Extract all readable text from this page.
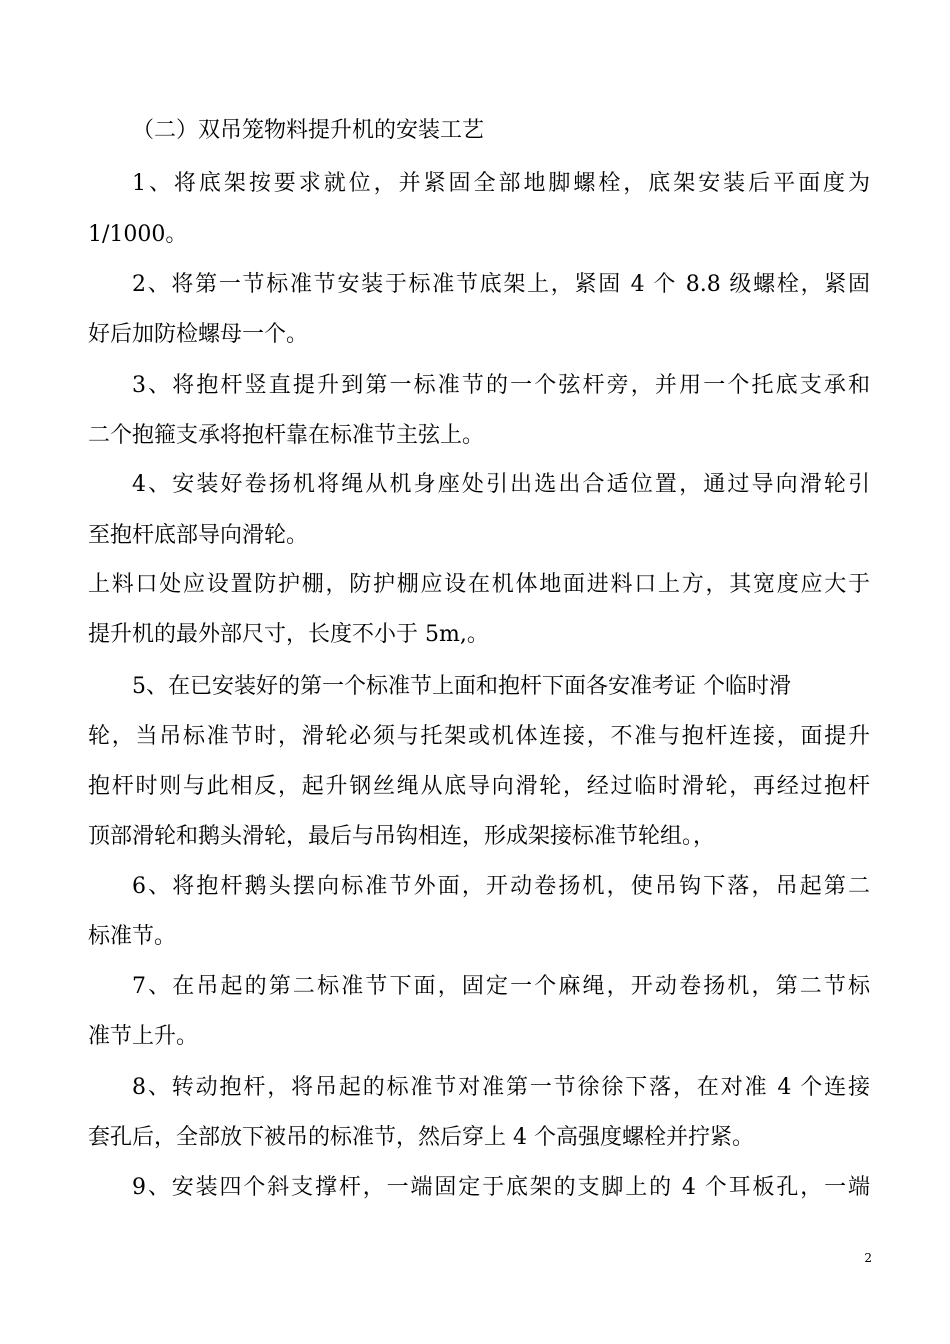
（二）双吊笼物料提升机的安装工艺
1、将底架按要求就位，并紧固全部地脚螺栓，底架安装后平面度为
1/1000。
2、将第一节标准节安装于标准节底架上，紧固 4 个 8.8 级螺栓，紧固
好后加防检螺母一个。
3、将抱杆竖直提升到第一标准节的一个弦杆旁，并用一个托底支承和
二个抱箍支承将抱杆靠在标准节主弦上。
4、安装好卷扬机将绳从机身座处引出选出合适位置，通过导向滑轮引
至抱杆底部导向滑轮。
上料口处应设置防护棚，防护棚应设在机体地面进料口上方，其宽度应大于
提升机的最外部尺寸，长度不小于 5m,。
5、在已安装好的第一个标准节上面和抱杆下面各安准考证 个临时滑
轮，当吊标准节时，滑轮必须与托架或机体连接，不准与抱杆连接，面提升
抱杆时则与此相反，起升钢丝绳从底导向滑轮，经过临时滑轮，再经过抱杆
顶部滑轮和鹅头滑轮，最后与吊钩相连，形成架接标准节轮组。，
6、将抱杆鹅头摆向标准节外面，开动卷扬机，使吊钩下落，吊起第二
标准节。
7、在吊起的第二标准节下面，固定一个麻绳，开动卷扬机，第二节标
准节上升。
8、转动抱杆，将吊起的标准节对准第一节徐徐下落，在对准 4 个连接
套孔后，全部放下被吊的标准节，然后穿上 4 个高强度螺栓并拧紧。
9、安装四个斜支撑杆，一端固定于底架的支脚上的 4 个耳板孔，一端
2
